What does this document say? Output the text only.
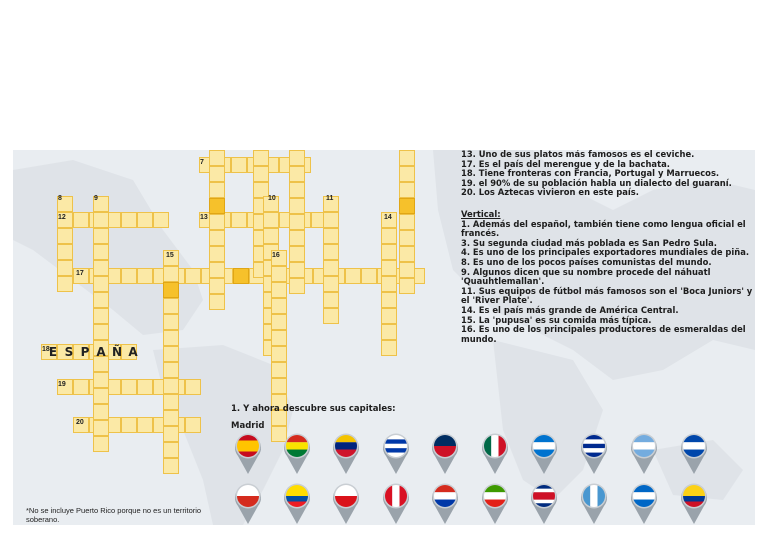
7
8	9	10	11
12	13	14
15	16
17
18
19
20
E S P A Ñ A

13. Uno de sus platos más famosos es el ceviche.

17. Es el país del merengue y de la bachata.

18. Tiene fronteras con Francia, Portugal y Marruecos.

19. el 90% de su población habla un dialecto del guaraní.

20. Los Aztecas vivieron en este país.

Vertical:

1. Además del español, también tiene como lengua oficial el francés.

3. Su segunda ciudad más poblada es San Pedro Sula.

4. Es uno de los principales exportadores mundiales de piña.

8. Es uno de los pocos países comunistas del mundo.

9. Algunos dicen que su nombre procede del náhuatl 'Quauhtlemallan'.

11. Sus equipos de fútbol más famosos son el 'Boca Juniors' y el 'River Plate'.

14. Es el país más grande de América Central.

15. La 'pupusa' es su comida más típica.

16. Es uno de los principales productores de esmeraldas del mundo.

1. Y ahora descubre sus capitales:
Madrid
*No se incluye Puerto Rico porque no es un territorio soberano.
